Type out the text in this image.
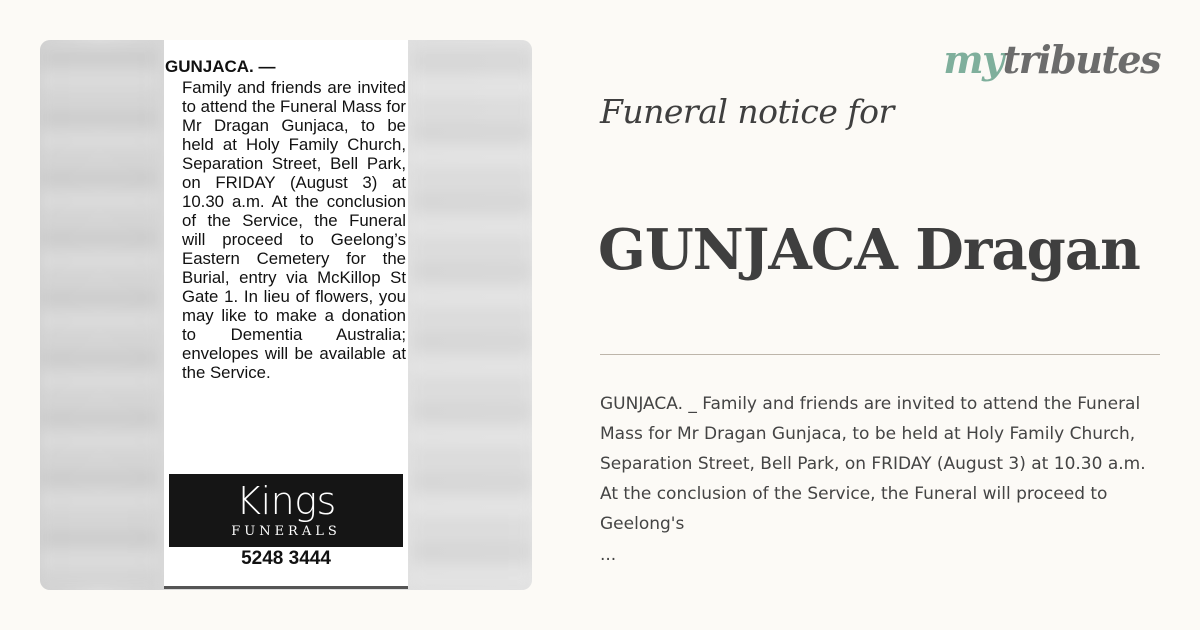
GUNJACA. —
Family and friends are invited to attend the Funeral Mass for Mr Dragan Gunjaca, to be held at Holy Family Church, Separation Street, Bell Park, on FRIDAY (August 3) at 10.30 a.m. At the conclusion of the Service, the Funeral will proceed to Geelong’s Eastern Cemetery for the Burial, entry via McKillop St Gate 1. In lieu of flowers, you may like to make a donation to Dementia Australia; envelopes will be available at the Service.
Kings
FUNERALS
5248 3444
mytributes
Funeral notice for
GUNJACA Dragan
GUNJACA. _ Family and friends are invited to attend the Funeral Mass for Mr Dragan Gunjaca, to be held at Holy Family Church, Separation Street, Bell Park, on FRIDAY (August 3) at 10.30 a.m. At the conclusion of the Service, the Funeral will proceed to Geelong's
...
